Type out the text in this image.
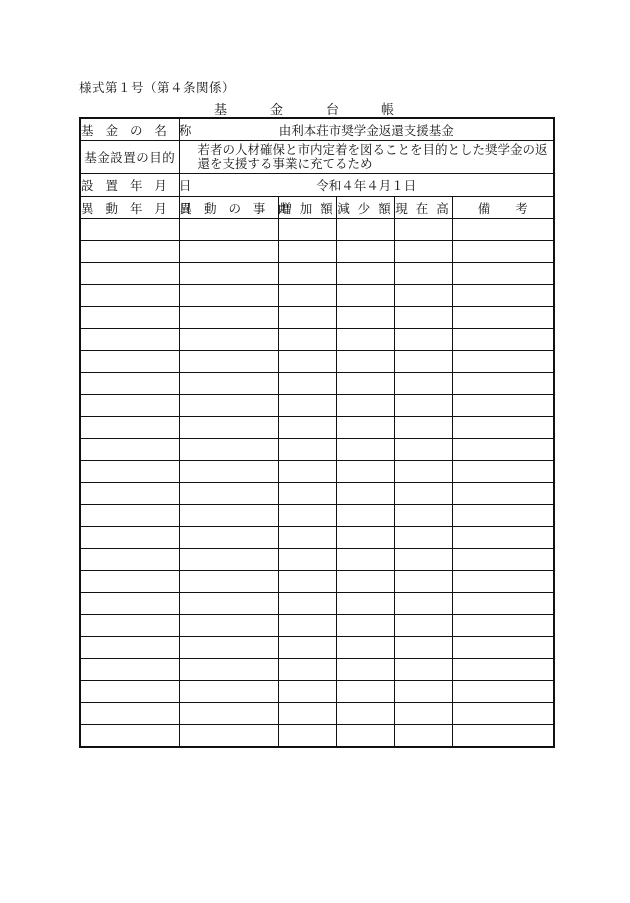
様式第１号（第４条関係）
基	金	台	帳
基 金 の 名 称	由利本荘市奨学金返還支援基金				
基金設置の目的	若者の人材確保と市内定着を図ることを目的とした奨学金の返還を支援する事業に充てるため				
設 置 年 月 日	令和４年４月１日				
異 動 年 月 日	異 動 の 事 由	増 加 額	減 少 額	現 在 高	備　　考
